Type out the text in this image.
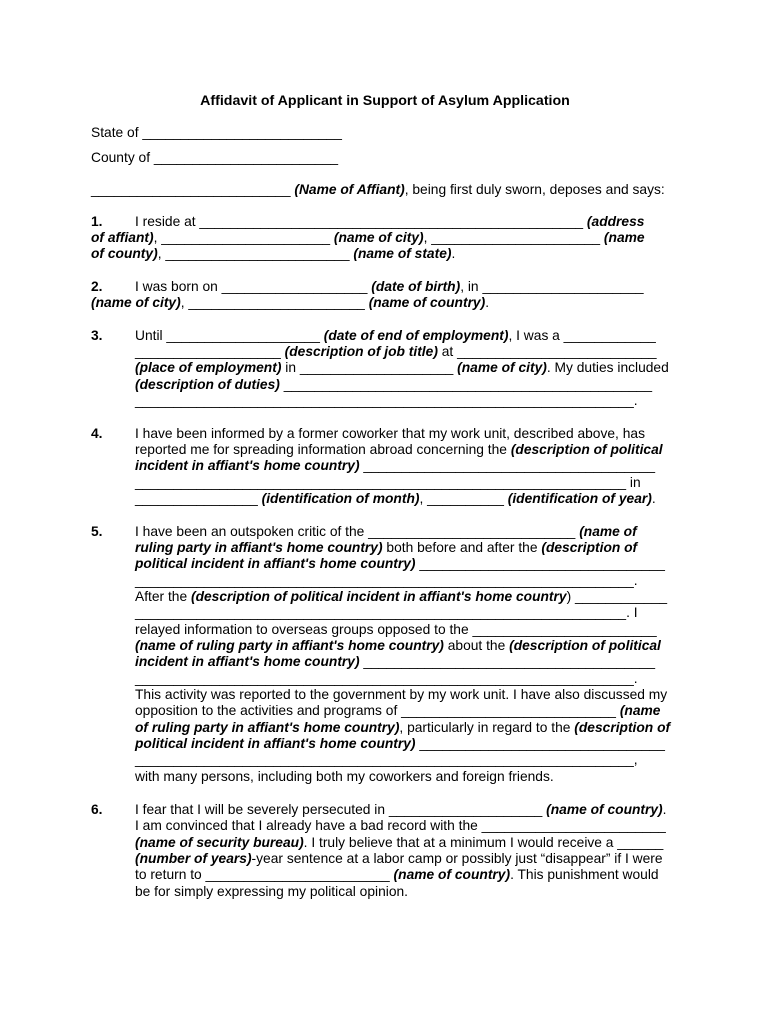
Affidavit of Applicant in Support of Asylum Application
State of __________________________
County of ________________________
__________________________ (Name of Affiant), being first duly sworn, deposes and says:
1. I reside at __________________________________________________ (address
of affiant), ______________________ (name of city), ______________________ (name
of county), ________________________ (name of state).
2. I was born on ___________________ (date of birth), in _____________________
(name of city), _______________________ (name of country).
3. Until ____________________ (date of end of employment), I was a ____________
___________________ (description of job title) at __________________________
(place of employment) in ____________________ (name of city). My duties included
(description of duties) ________________________________________________
_________________________________________________________________.
4. I have been informed by a former coworker that my work unit, described above, has
reported me for spreading information abroad concerning the (description of political
incident in affiant's home country) ______________________________________
________________________________________________________________ in
________________ (identification of month), __________ (identification of year).
5. I have been an outspoken critic of the ___________________________ (name of
ruling party in affiant's home country) both before and after the (description of
political incident in affiant's home country) ________________________________
_________________________________________________________________.
After the (description of political incident in affiant's home country) ____________
________________________________________________________________. I
relayed information to overseas groups opposed to the ________________________
(name of ruling party in affiant's home country) about the (description of political
incident in affiant's home country) ______________________________________
_________________________________________________________________.
This activity was reported to the government by my work unit. I have also discussed my
opposition to the activities and programs of ____________________________ (name
of ruling party in affiant's home country), particularly in regard to the (description of
political incident in affiant's home country) ________________________________
_________________________________________________________________,
with many persons, including both my coworkers and foreign friends.
6. I fear that I will be severely persecuted in ____________________ (name of country).
I am convinced that I already have a bad record with the ________________________
(name of security bureau). I truly believe that at a minimum I would receive a ______
(number of years)-year sentence at a labor camp or possibly just “disappear” if I were
to return to ________________________ (name of country). This punishment would
be for simply expressing my political opinion.
